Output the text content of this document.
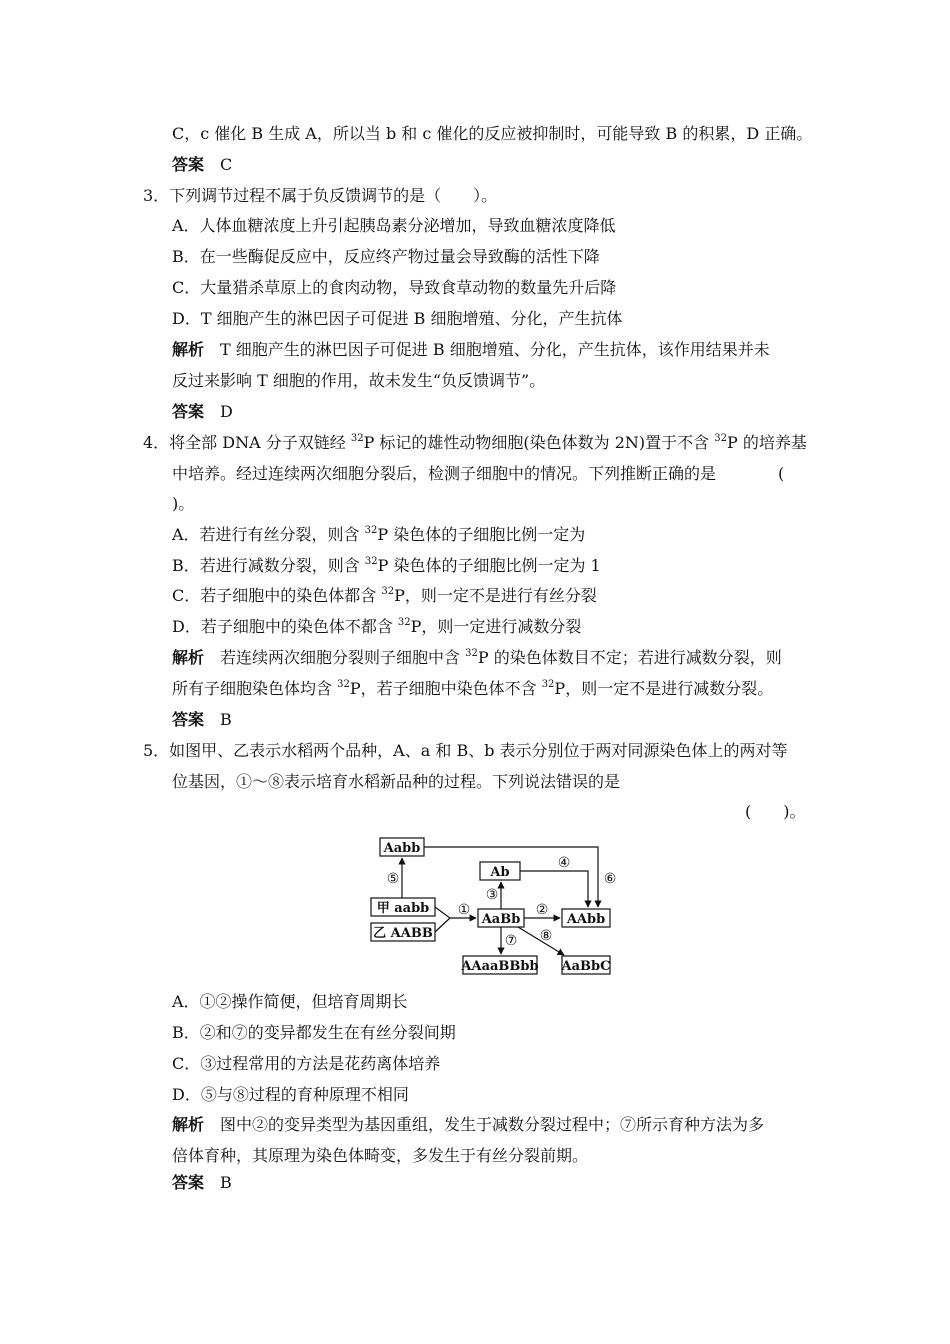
C，c 催化 B 生成 A，所以当 b 和 c 催化的反应被抑制时，可能导致 B 的积累，D 正确。
答案　 C
3．下列调节过程不属于负反馈调节的是（　　）。
A．人体血糖浓度上升引起胰岛素分泌增加，导致血糖浓度降低
B．在一些酶促反应中，反应终产物过量会导致酶的活性下降
C．大量猎杀草原上的食肉动物，导致食草动物的数量先升后降
D．T 细胞产生的淋巴因子可促进 B 细胞增殖、分化，产生抗体
解析　 T 细胞产生的淋巴因子可促进 B 细胞增殖、分化，产生抗体，该作用结果并未
反过来影响 T 细胞的作用，故未发生“负反馈调节”。
答案　 D
4．将全部 DNA 分子双链经 $^{32}$P 标记的雄性动物细胞(染色体数为 2N)置于不含 $^{32}$P 的培养基
中培养。经过连续两次细胞分裂后，检测子细胞中的情况。下列推断正确的是	(
)。
A．若进行有丝分裂，则含 $^{32}$P 染色体的子细胞比例一定为
B．若进行减数分裂，则含 $^{32}$P 染色体的子细胞比例一定为 1
C．若子细胞中的染色体都含 $^{32}$P，则一定不是进行有丝分裂
D．若子细胞中的染色体不都含 $^{32}$P，则一定进行减数分裂
解析　 若连续两次细胞分裂则子细胞中含 $^{32}$P 的染色体数目不定；若进行减数分裂，则
所有子细胞染色体均含 $^{32}$P，若子细胞中染色体不含 $^{32}$P，则一定不是进行减数分裂。
答案　 B
5．如图甲、乙表示水稻两个品种，A、a 和 B、b 表示分别位于两对同源染色体上的两对等
位基因，①～⑧表示培育水稻新品种的过程。下列说法错误的是
(　　)。
Aabb
甲 aabb
乙 AABB
Ab
AaBb	AAbb
AAaaBBbb AaBbC
①	②
③
④
⑤	⑥
⑦ ⑧
A．①②操作简便，但培育周期长
B．②和⑦的变异都发生在有丝分裂间期
C．③过程常用的方法是花药离体培养
D．⑤与⑧过程的育种原理不相同
解析　 图中②的变异类型为基因重组，发生于减数分裂过程中；⑦所示育种方法为多
倍体育种，其原理为染色体畸变，多发生于有丝分裂前期。
答案　 B
